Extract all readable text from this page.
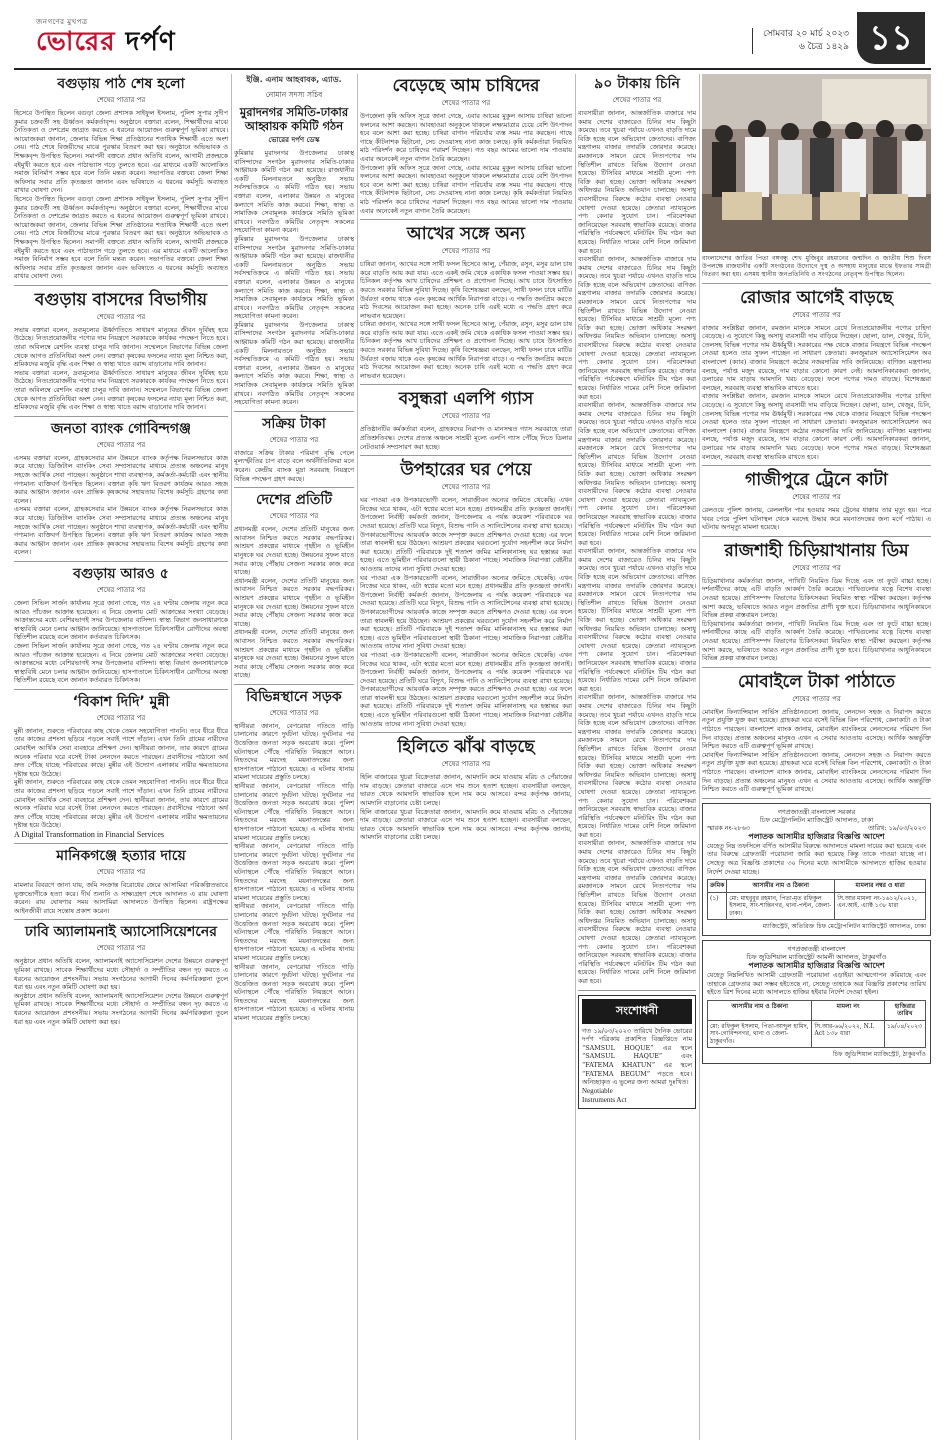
জনগণের মুখপত্র
ভোরের দর্পণ	সোমবার ২০ মার্চ ২০২৩
৬ চৈত্র ১৪২৯ ১১
বগুড়ায় পাঠ শেষ হলো
শেষের পাতার পর

হিসেবে উপস্থিত ছিলেন বগুড়া জেলা প্রশাসক সাইফুল ইসলাম, পুলিশ সুপার সুদীপ কুমার চক্রবর্তী সহ ঊর্ধ্বতন কর্মকর্তাবৃন্দ। অনুষ্ঠানে বক্তারা বলেন, শিক্ষার্থীদের মাঝে নৈতিকতা ও দেশপ্রেম জাগ্রত করতে এ ধরনের আয়োজন গুরুত্বপূর্ণ ভূমিকা রাখবে। আয়োজকরা জানান, জেলার বিভিন্ন শিক্ষা প্রতিষ্ঠানের শতাধিক শিক্ষার্থী এতে অংশ নেয়। পাঠ শেষে বিজয়ীদের মাঝে পুরস্কার বিতরণ করা হয়। অনুষ্ঠানে অভিভাবক ও শিক্ষকবৃন্দ উপস্থিত ছিলেন। সমাপনী বক্তব্যে প্রধান অতিথি বলেন, আগামী প্রজন্মকে বইমুখী করতে হবে এবং পাঠাভ্যাস গড়ে তুলতে হবে। এর মাধ্যমে একটি আলোকিত সমাজ বিনির্মাণ সম্ভব হবে বলে তিনি মন্তব্য করেন। সভাপতির বক্তব্যে জেলা শিক্ষা অফিসার সবার প্রতি কৃতজ্ঞতা জানান এবং ভবিষ্যতে এ ধরনের কর্মসূচি অব্যাহত রাখার ঘোষণা দেন।

হিসেবে উপস্থিত ছিলেন বগুড়া জেলা প্রশাসক সাইফুল ইসলাম, পুলিশ সুপার সুদীপ কুমার চক্রবর্তী সহ ঊর্ধ্বতন কর্মকর্তাবৃন্দ। অনুষ্ঠানে বক্তারা বলেন, শিক্ষার্থীদের মাঝে নৈতিকতা ও দেশপ্রেম জাগ্রত করতে এ ধরনের আয়োজন গুরুত্বপূর্ণ ভূমিকা রাখবে। আয়োজকরা জানান, জেলার বিভিন্ন শিক্ষা প্রতিষ্ঠানের শতাধিক শিক্ষার্থী এতে অংশ নেয়। পাঠ শেষে বিজয়ীদের মাঝে পুরস্কার বিতরণ করা হয়। অনুষ্ঠানে অভিভাবক ও শিক্ষকবৃন্দ উপস্থিত ছিলেন। সমাপনী বক্তব্যে প্রধান অতিথি বলেন, আগামী প্রজন্মকে বইমুখী করতে হবে এবং পাঠাভ্যাস গড়ে তুলতে হবে। এর মাধ্যমে একটি আলোকিত সমাজ বিনির্মাণ সম্ভব হবে বলে তিনি মন্তব্য করেন। সভাপতির বক্তব্যে জেলা শিক্ষা অফিসার সবার প্রতি কৃতজ্ঞতা জানান এবং ভবিষ্যতে এ ধরনের কর্মসূচি অব্যাহত রাখার ঘোষণা দেন।

বগুড়ায় বাসদের বিভাগীয়
শেষের পাতার পর

সভায় বক্তারা বলেন, দ্রব্যমূল্যের ঊর্ধ্বগতিতে সাধারণ মানুষের জীবন দুর্বিষহ হয়ে উঠেছে। নিত্যপ্রয়োজনীয় পণ্যের দাম নিয়ন্ত্রণে সরকারকে কার্যকর পদক্ষেপ নিতে হবে। তারা অবিলম্বে রেশনিং ব্যবস্থা চালুর দাবি জানান। সম্মেলনে বিভাগের বিভিন্ন জেলা থেকে আগত প্রতিনিধিরা অংশ নেন। বক্তারা কৃষকের ফসলের ন্যায্য মূল্য নিশ্চিত করা, শ্রমিকদের মজুরি বৃদ্ধি এবং শিক্ষা ও স্বাস্থ্য খাতে বরাদ্দ বাড়ানোর দাবি জানান।

সভায় বক্তারা বলেন, দ্রব্যমূল্যের ঊর্ধ্বগতিতে সাধারণ মানুষের জীবন দুর্বিষহ হয়ে উঠেছে। নিত্যপ্রয়োজনীয় পণ্যের দাম নিয়ন্ত্রণে সরকারকে কার্যকর পদক্ষেপ নিতে হবে। তারা অবিলম্বে রেশনিং ব্যবস্থা চালুর দাবি জানান। সম্মেলনে বিভাগের বিভিন্ন জেলা থেকে আগত প্রতিনিধিরা অংশ নেন। বক্তারা কৃষকের ফসলের ন্যায্য মূল্য নিশ্চিত করা, শ্রমিকদের মজুরি বৃদ্ধি এবং শিক্ষা ও স্বাস্থ্য খাতে বরাদ্দ বাড়ানোর দাবি জানান।

জনতা ব্যাংক গোবিন্দগঞ্জ
শেষের পাতার পর

এসময় বক্তারা বলেন, গ্রাহকসেবার মান উন্নয়নে ব্যাংক কর্তৃপক্ষ নিরলসভাবে কাজ করে যাচ্ছে। ডিজিটাল ব্যাংকিং সেবা সম্প্রসারণের মাধ্যমে প্রত্যন্ত অঞ্চলের মানুষ সহজে আর্থিক সেবা পাচ্ছেন। অনুষ্ঠানে শাখা ব্যবস্থাপক, কর্মকর্তা-কর্মচারী এবং স্থানীয় গণ্যমান্য ব্যক্তিবর্গ উপস্থিত ছিলেন। বক্তারা কৃষি ঋণ বিতরণ কার্যক্রম আরও সহজ করার আহ্বান জানান এবং প্রান্তিক কৃষকদের সহায়তায় বিশেষ কর্মসূচি গ্রহণের কথা বলেন।

এসময় বক্তারা বলেন, গ্রাহকসেবার মান উন্নয়নে ব্যাংক কর্তৃপক্ষ নিরলসভাবে কাজ করে যাচ্ছে। ডিজিটাল ব্যাংকিং সেবা সম্প্রসারণের মাধ্যমে প্রত্যন্ত অঞ্চলের মানুষ সহজে আর্থিক সেবা পাচ্ছেন। অনুষ্ঠানে শাখা ব্যবস্থাপক, কর্মকর্তা-কর্মচারী এবং স্থানীয় গণ্যমান্য ব্যক্তিবর্গ উপস্থিত ছিলেন। বক্তারা কৃষি ঋণ বিতরণ কার্যক্রম আরও সহজ করার আহ্বান জানান এবং প্রান্তিক কৃষকদের সহায়তায় বিশেষ কর্মসূচি গ্রহণের কথা বলেন।

বগুড়ায় আরও ৫
শেষের পাতার পর

জেলা সিভিল সার্জন কার্যালয় সূত্রে জানা গেছে, গত ২৪ ঘণ্টায় জেলায় নতুন করে আরও পাঁচজন আক্রান্ত হয়েছেন। এ নিয়ে জেলায় মোট আক্রান্তের সংখ্যা বেড়েছে। আক্রান্তদের মধ্যে বেশিরভাগই সদর উপজেলার বাসিন্দা। স্বাস্থ্য বিভাগ জনসাধারণকে স্বাস্থ্যবিধি মেনে চলার আহ্বান জানিয়েছে। হাসপাতালে চিকিৎসাধীন রোগীদের অবস্থা স্থিতিশীল রয়েছে বলে জানান কর্তব্যরত চিকিৎসক।

জেলা সিভিল সার্জন কার্যালয় সূত্রে জানা গেছে, গত ২৪ ঘণ্টায় জেলায় নতুন করে আরও পাঁচজন আক্রান্ত হয়েছেন। এ নিয়ে জেলায় মোট আক্রান্তের সংখ্যা বেড়েছে। আক্রান্তদের মধ্যে বেশিরভাগই সদর উপজেলার বাসিন্দা। স্বাস্থ্য বিভাগ জনসাধারণকে স্বাস্থ্যবিধি মেনে চলার আহ্বান জানিয়েছে। হাসপাতালে চিকিৎসাধীন রোগীদের অবস্থা স্থিতিশীল রয়েছে বলে জানান কর্তব্যরত চিকিৎসক।

‘বিকাশ দিদি’ মুন্নী
শেষের পাতার পর

মুন্নী জানান, শুরুতে পরিবারের কাছ থেকে তেমন সহযোগিতা পাননি। তবে ধীরে ধীরে তার কাজের প্রশংসা ছড়িয়ে পড়লে সবাই পাশে দাঁড়ান। এখন তিনি গ্রামের নারীদের মোবাইল আর্থিক সেবা ব্যবহারে প্রশিক্ষণ দেন। স্থানীয়রা জানান, তার কারণে গ্রামের অনেক পরিবার ঘরে বসেই টাকা লেনদেন করতে পারছেন। প্রবাসীদের পাঠানো অর্থ দ্রুত পৌঁছে যাচ্ছে পরিবারের কাছে। মুন্নীর এই উদ্যোগ এলাকায় নারীর ক্ষমতায়নের দৃষ্টান্ত হয়ে উঠেছে।

মুন্নী জানান, শুরুতে পরিবারের কাছ থেকে তেমন সহযোগিতা পাননি। তবে ধীরে ধীরে তার কাজের প্রশংসা ছড়িয়ে পড়লে সবাই পাশে দাঁড়ান। এখন তিনি গ্রামের নারীদের মোবাইল আর্থিক সেবা ব্যবহারে প্রশিক্ষণ দেন। স্থানীয়রা জানান, তার কারণে গ্রামের অনেক পরিবার ঘরে বসেই টাকা লেনদেন করতে পারছেন। প্রবাসীদের পাঠানো অর্থ দ্রুত পৌঁছে যাচ্ছে পরিবারের কাছে। মুন্নীর এই উদ্যোগ এলাকায় নারীর ক্ষমতায়নের দৃষ্টান্ত হয়ে উঠেছে।

A Digital Transformation in Financial Services

মানিকগঞ্জে হত্যার দায়ে
শেষের পাতার পর

মামলার বিবরণে জানা যায়, জমি সংক্রান্ত বিরোধের জেরে আসামিরা পরিকল্পিতভাবে ভুক্তভোগীকে হত্যা করে। দীর্ঘ শুনানি ও সাক্ষ্যগ্রহণ শেষে আদালত এ রায় ঘোষণা করেন। রায় ঘোষণার সময় আসামিরা আদালতে উপস্থিত ছিলেন। রাষ্ট্রপক্ষের আইনজীবী রায়ে সন্তোষ প্রকাশ করেন।

ঢাবি অ্যালামনাই অ্যাসোসিয়েশনের
শেষের পাতার পর

অনুষ্ঠানে প্রধান অতিথি বলেন, অ্যালামনাই অ্যাসোসিয়েশন দেশের উন্নয়নে গুরুত্বপূর্ণ ভূমিকা রাখছে। সাবেক শিক্ষার্থীদের মধ্যে সৌহার্দ্য ও সম্প্রীতির বন্ধন দৃঢ় করতে এ ধরনের আয়োজন প্রশংসনীয়। সভায় সংগঠনের আগামী দিনের কর্মপরিকল্পনা তুলে ধরা হয় এবং নতুন কমিটি ঘোষণা করা হয়।

অনুষ্ঠানে প্রধান অতিথি বলেন, অ্যালামনাই অ্যাসোসিয়েশন দেশের উন্নয়নে গুরুত্বপূর্ণ ভূমিকা রাখছে। সাবেক শিক্ষার্থীদের মধ্যে সৌহার্দ্য ও সম্প্রীতির বন্ধন দৃঢ় করতে এ ধরনের আয়োজন প্রশংসনীয়। সভায় সংগঠনের আগামী দিনের কর্মপরিকল্পনা তুলে ধরা হয় এবং নতুন কমিটি ঘোষণা করা হয়।

ইঞ্জি. এনাম আহবাবক, এ্যাড.
নোমান সদস্য সচিব
মুরাদনগর সমিতি-ঢাকার আহ্বায়ক কমিটি গঠন
ভোরের দর্পণ ডেস্ক

কুমিল্লার মুরাদনগর উপজেলার ঢাকাস্থ বাসিন্দাদের সংগঠন মুরাদনগর সমিতি-ঢাকার আহ্বায়ক কমিটি গঠন করা হয়েছে। রাজধানীর একটি মিলনায়তনে অনুষ্ঠিত সভায় সর্বসম্মতিক্রমে এ কমিটি গঠিত হয়। সভায় বক্তারা বলেন, এলাকার উন্নয়ন ও মানুষের কল্যাণে সমিতি কাজ করবে। শিক্ষা, স্বাস্থ্য ও সামাজিক সেবামূলক কার্যক্রমে সমিতি ভূমিকা রাখবে। নবগঠিত কমিটির নেতৃবৃন্দ সকলের সহযোগিতা কামনা করেন।

কুমিল্লার মুরাদনগর উপজেলার ঢাকাস্থ বাসিন্দাদের সংগঠন মুরাদনগর সমিতি-ঢাকার আহ্বায়ক কমিটি গঠন করা হয়েছে। রাজধানীর একটি মিলনায়তনে অনুষ্ঠিত সভায় সর্বসম্মতিক্রমে এ কমিটি গঠিত হয়। সভায় বক্তারা বলেন, এলাকার উন্নয়ন ও মানুষের কল্যাণে সমিতি কাজ করবে। শিক্ষা, স্বাস্থ্য ও সামাজিক সেবামূলক কার্যক্রমে সমিতি ভূমিকা রাখবে। নবগঠিত কমিটির নেতৃবৃন্দ সকলের সহযোগিতা কামনা করেন।

কুমিল্লার মুরাদনগর উপজেলার ঢাকাস্থ বাসিন্দাদের সংগঠন মুরাদনগর সমিতি-ঢাকার আহ্বায়ক কমিটি গঠন করা হয়েছে। রাজধানীর একটি মিলনায়তনে অনুষ্ঠিত সভায় সর্বসম্মতিক্রমে এ কমিটি গঠিত হয়। সভায় বক্তারা বলেন, এলাকার উন্নয়ন ও মানুষের কল্যাণে সমিতি কাজ করবে। শিক্ষা, স্বাস্থ্য ও সামাজিক সেবামূলক কার্যক্রমে সমিতি ভূমিকা রাখবে। নবগঠিত কমিটির নেতৃবৃন্দ সকলের সহযোগিতা কামনা করেন।

সক্রিয় টাকা
শেষের পাতার পর

বাজারে সক্রিয় টাকার পরিমাণ বৃদ্ধি পেলে মূল্যস্ফীতির চাপ বাড়ে বলে অর্থনীতিবিদরা মনে করেন। কেন্দ্রীয় ব্যাংক মুদ্রা সরবরাহ নিয়ন্ত্রণে বিভিন্ন পদক্ষেপ গ্রহণ করছে।

দেশের প্রতিটি
শেষের পাতার পর

প্রধানমন্ত্রী বলেন, দেশের প্রতিটি মানুষের জন্য আবাসন নিশ্চিত করতে সরকার বদ্ধপরিকর। আশ্রয়ণ প্রকল্পের মাধ্যমে গৃহহীন ও ভূমিহীন মানুষকে ঘর দেওয়া হচ্ছে। উন্নয়নের সুফল যাতে সবার কাছে পৌঁছায় সেজন্য সরকার কাজ করে যাচ্ছে।

প্রধানমন্ত্রী বলেন, দেশের প্রতিটি মানুষের জন্য আবাসন নিশ্চিত করতে সরকার বদ্ধপরিকর। আশ্রয়ণ প্রকল্পের মাধ্যমে গৃহহীন ও ভূমিহীন মানুষকে ঘর দেওয়া হচ্ছে। উন্নয়নের সুফল যাতে সবার কাছে পৌঁছায় সেজন্য সরকার কাজ করে যাচ্ছে।

প্রধানমন্ত্রী বলেন, দেশের প্রতিটি মানুষের জন্য আবাসন নিশ্চিত করতে সরকার বদ্ধপরিকর। আশ্রয়ণ প্রকল্পের মাধ্যমে গৃহহীন ও ভূমিহীন মানুষকে ঘর দেওয়া হচ্ছে। উন্নয়নের সুফল যাতে সবার কাছে পৌঁছায় সেজন্য সরকার কাজ করে যাচ্ছে।

বিভিন্নস্থানে সড়ক
শেষের পাতার পর

স্থানীয়রা জানান, বেপরোয়া গতিতে গাড়ি চালানোর কারণে দুর্ঘটনা ঘটছে। দুর্ঘটনার পর উত্তেজিত জনতা সড়ক অবরোধ করে। পুলিশ ঘটনাস্থলে পৌঁছে পরিস্থিতি নিয়ন্ত্রণে আনে। নিহতদের মরদেহ ময়নাতদন্তের জন্য হাসপাতালে পাঠানো হয়েছে। এ ঘটনায় থানায় মামলা দায়েরের প্রস্তুতি চলছে।

স্থানীয়রা জানান, বেপরোয়া গতিতে গাড়ি চালানোর কারণে দুর্ঘটনা ঘটছে। দুর্ঘটনার পর উত্তেজিত জনতা সড়ক অবরোধ করে। পুলিশ ঘটনাস্থলে পৌঁছে পরিস্থিতি নিয়ন্ত্রণে আনে। নিহতদের মরদেহ ময়নাতদন্তের জন্য হাসপাতালে পাঠানো হয়েছে। এ ঘটনায় থানায় মামলা দায়েরের প্রস্তুতি চলছে।

স্থানীয়রা জানান, বেপরোয়া গতিতে গাড়ি চালানোর কারণে দুর্ঘটনা ঘটছে। দুর্ঘটনার পর উত্তেজিত জনতা সড়ক অবরোধ করে। পুলিশ ঘটনাস্থলে পৌঁছে পরিস্থিতি নিয়ন্ত্রণে আনে। নিহতদের মরদেহ ময়নাতদন্তের জন্য হাসপাতালে পাঠানো হয়েছে। এ ঘটনায় থানায় মামলা দায়েরের প্রস্তুতি চলছে।

স্থানীয়রা জানান, বেপরোয়া গতিতে গাড়ি চালানোর কারণে দুর্ঘটনা ঘটছে। দুর্ঘটনার পর উত্তেজিত জনতা সড়ক অবরোধ করে। পুলিশ ঘটনাস্থলে পৌঁছে পরিস্থিতি নিয়ন্ত্রণে আনে। নিহতদের মরদেহ ময়নাতদন্তের জন্য হাসপাতালে পাঠানো হয়েছে। এ ঘটনায় থানায় মামলা দায়েরের প্রস্তুতি চলছে।

স্থানীয়রা জানান, বেপরোয়া গতিতে গাড়ি চালানোর কারণে দুর্ঘটনা ঘটছে। দুর্ঘটনার পর উত্তেজিত জনতা সড়ক অবরোধ করে। পুলিশ ঘটনাস্থলে পৌঁছে পরিস্থিতি নিয়ন্ত্রণে আনে। নিহতদের মরদেহ ময়নাতদন্তের জন্য হাসপাতালে পাঠানো হয়েছে। এ ঘটনায় থানায় মামলা দায়েরের প্রস্তুতি চলছে।

বেড়েছে আম চাষিদের
শেষের পাতার পর

উপজেলা কৃষি অফিস সূত্রে জানা গেছে, এবার আমের মুকুল আসায় চাষিরা ভালো ফলনের আশা করছেন। আবহাওয়া অনুকূলে থাকলে লক্ষ্যমাত্রার চেয়ে বেশি উৎপাদন হবে বলে আশা করা হচ্ছে। চাষিরা বাগান পরিচর্যায় ব্যস্ত সময় পার করছেন। গাছে গাছে কীটনাশক ছিটানো, সেচ দেওয়াসহ নানা কাজ চলছে। কৃষি কর্মকর্তারা নিয়মিত মাঠ পরিদর্শন করে চাষিদের পরামর্শ দিচ্ছেন। গত বছর আমের ভালো দাম পাওয়ায় এবার অনেকেই নতুন বাগান তৈরি করেছেন।

উপজেলা কৃষি অফিস সূত্রে জানা গেছে, এবার আমের মুকুল আসায় চাষিরা ভালো ফলনের আশা করছেন। আবহাওয়া অনুকূলে থাকলে লক্ষ্যমাত্রার চেয়ে বেশি উৎপাদন হবে বলে আশা করা হচ্ছে। চাষিরা বাগান পরিচর্যায় ব্যস্ত সময় পার করছেন। গাছে গাছে কীটনাশক ছিটানো, সেচ দেওয়াসহ নানা কাজ চলছে। কৃষি কর্মকর্তারা নিয়মিত মাঠ পরিদর্শন করে চাষিদের পরামর্শ দিচ্ছেন। গত বছর আমের ভালো দাম পাওয়ায় এবার অনেকেই নতুন বাগান তৈরি করেছেন।

আখের সঙ্গে অন্য
শেষের পাতার পর

চাষিরা জানান, আখের সঙ্গে সাথী ফসল হিসেবে আলু, পেঁয়াজ, রসুন, মসুর ডাল চাষ করে বাড়তি আয় করা যায়। এতে একই জমি থেকে একাধিক ফসল পাওয়া সম্ভব হয়। চিনিকল কর্তৃপক্ষ আখ চাষিদের প্রশিক্ষণ ও প্রণোদনা দিচ্ছে। আখ চাষে উৎসাহিত করতে সরকার বিভিন্ন সুবিধা দিচ্ছে। কৃষি বিশেষজ্ঞরা বলছেন, সাথী ফসল চাষে মাটির উর্বরতা বজায় থাকে এবং কৃষকের আর্থিক নিরাপত্তা বাড়ে। এ পদ্ধতি জনপ্রিয় করতে মাঠ দিবসের আয়োজন করা হচ্ছে। অনেক চাষি এরই মধ্যে এ পদ্ধতি গ্রহণ করে লাভবান হয়েছেন।

চাষিরা জানান, আখের সঙ্গে সাথী ফসল হিসেবে আলু, পেঁয়াজ, রসুন, মসুর ডাল চাষ করে বাড়তি আয় করা যায়। এতে একই জমি থেকে একাধিক ফসল পাওয়া সম্ভব হয়। চিনিকল কর্তৃপক্ষ আখ চাষিদের প্রশিক্ষণ ও প্রণোদনা দিচ্ছে। আখ চাষে উৎসাহিত করতে সরকার বিভিন্ন সুবিধা দিচ্ছে। কৃষি বিশেষজ্ঞরা বলছেন, সাথী ফসল চাষে মাটির উর্বরতা বজায় থাকে এবং কৃষকের আর্থিক নিরাপত্তা বাড়ে। এ পদ্ধতি জনপ্রিয় করতে মাঠ দিবসের আয়োজন করা হচ্ছে। অনেক চাষি এরই মধ্যে এ পদ্ধতি গ্রহণ করে লাভবান হয়েছেন।

বসুন্ধরা এলপি গ্যাস
শেষের পাতার পর

প্রতিষ্ঠানটির কর্মকর্তারা বলেন, গ্রাহকদের নিরাপদ ও মানসম্মত গ্যাস সরবরাহে তারা প্রতিশ্রুতিবদ্ধ। দেশের প্রত্যন্ত অঞ্চলে সাশ্রয়ী মূল্যে এলপি গ্যাস পৌঁছে দিতে ডিলার নেটওয়ার্ক সম্প্রসারণ করা হচ্ছে।

উপহারের ঘর পেয়ে
শেষের পাতার পর

ঘর পাওয়া এক উপকারভোগী বলেন, সারাজীবন অন্যের জমিতে থেকেছি। এখন নিজের ঘরে থাকব, এটা স্বপ্নের মতো মনে হচ্ছে। প্রধানমন্ত্রীর প্রতি কৃতজ্ঞতা জানাই। উপজেলা নির্বাহী কর্মকর্তা জানান, উপজেলায় এ পর্যন্ত কয়েকশ পরিবারকে ঘর দেওয়া হয়েছে। প্রতিটি ঘরে বিদ্যুৎ, বিশুদ্ধ পানি ও স্যানিটেশনের ব্যবস্থা রাখা হয়েছে। উপকারভোগীদের আয়বর্ধক কাজে সম্পৃক্ত করতে প্রশিক্ষণও দেওয়া হচ্ছে। এর ফলে তারা স্বাবলম্বী হয়ে উঠছেন। আশ্রয়ণ প্রকল্পের ঘরগুলো দুর্যোগ সহনশীল করে নির্মাণ করা হয়েছে। প্রতিটি পরিবারকে দুই শতাংশ জমির মালিকানাসহ ঘর হস্তান্তর করা হচ্ছে। এতে ভূমিহীন পরিবারগুলো স্থায়ী ঠিকানা পাচ্ছে। সামাজিক নিরাপত্তা বেষ্টনীর আওতায় তাদের নানা সুবিধা দেওয়া হচ্ছে।

ঘর পাওয়া এক উপকারভোগী বলেন, সারাজীবন অন্যের জমিতে থেকেছি। এখন নিজের ঘরে থাকব, এটা স্বপ্নের মতো মনে হচ্ছে। প্রধানমন্ত্রীর প্রতি কৃতজ্ঞতা জানাই। উপজেলা নির্বাহী কর্মকর্তা জানান, উপজেলায় এ পর্যন্ত কয়েকশ পরিবারকে ঘর দেওয়া হয়েছে। প্রতিটি ঘরে বিদ্যুৎ, বিশুদ্ধ পানি ও স্যানিটেশনের ব্যবস্থা রাখা হয়েছে। উপকারভোগীদের আয়বর্ধক কাজে সম্পৃক্ত করতে প্রশিক্ষণও দেওয়া হচ্ছে। এর ফলে তারা স্বাবলম্বী হয়ে উঠছেন। আশ্রয়ণ প্রকল্পের ঘরগুলো দুর্যোগ সহনশীল করে নির্মাণ করা হয়েছে। প্রতিটি পরিবারকে দুই শতাংশ জমির মালিকানাসহ ঘর হস্তান্তর করা হচ্ছে। এতে ভূমিহীন পরিবারগুলো স্থায়ী ঠিকানা পাচ্ছে। সামাজিক নিরাপত্তা বেষ্টনীর আওতায় তাদের নানা সুবিধা দেওয়া হচ্ছে।

ঘর পাওয়া এক উপকারভোগী বলেন, সারাজীবন অন্যের জমিতে থেকেছি। এখন নিজের ঘরে থাকব, এটা স্বপ্নের মতো মনে হচ্ছে। প্রধানমন্ত্রীর প্রতি কৃতজ্ঞতা জানাই। উপজেলা নির্বাহী কর্মকর্তা জানান, উপজেলায় এ পর্যন্ত কয়েকশ পরিবারকে ঘর দেওয়া হয়েছে। প্রতিটি ঘরে বিদ্যুৎ, বিশুদ্ধ পানি ও স্যানিটেশনের ব্যবস্থা রাখা হয়েছে। উপকারভোগীদের আয়বর্ধক কাজে সম্পৃক্ত করতে প্রশিক্ষণও দেওয়া হচ্ছে। এর ফলে তারা স্বাবলম্বী হয়ে উঠছেন। আশ্রয়ণ প্রকল্পের ঘরগুলো দুর্যোগ সহনশীল করে নির্মাণ করা হয়েছে। প্রতিটি পরিবারকে দুই শতাংশ জমির মালিকানাসহ ঘর হস্তান্তর করা হচ্ছে। এতে ভূমিহীন পরিবারগুলো স্থায়ী ঠিকানা পাচ্ছে। সামাজিক নিরাপত্তা বেষ্টনীর আওতায় তাদের নানা সুবিধা দেওয়া হচ্ছে।

হিলিতে ঝাঁঝ বাড়ছে
শেষের পাতার পর

হিলি বাজারের খুচরা বিক্রেতারা জানান, আমদানি কমে যাওয়ায় মরিচ ও পেঁয়াজের দাম বাড়ছে। ক্রেতারা বাজারে এসে দাম শুনে হতাশ হচ্ছেন। ব্যবসায়ীরা বলছেন, ভারত থেকে আমদানি স্বাভাবিক হলে দাম কমে আসবে। বন্দর কর্তৃপক্ষ জানায়, আমদানি বাড়ানোর চেষ্টা চলছে।

হিলি বাজারের খুচরা বিক্রেতারা জানান, আমদানি কমে যাওয়ায় মরিচ ও পেঁয়াজের দাম বাড়ছে। ক্রেতারা বাজারে এসে দাম শুনে হতাশ হচ্ছেন। ব্যবসায়ীরা বলছেন, ভারত থেকে আমদানি স্বাভাবিক হলে দাম কমে আসবে। বন্দর কর্তৃপক্ষ জানায়, আমদানি বাড়ানোর চেষ্টা চলছে।

৯০ টাকায় চিনি
শেষের পাতার পর

ব্যবসায়ীরা জানান, আন্তর্জাতিক বাজারে দাম কমায় দেশের বাজারেও চিনির দাম কিছুটা কমেছে। তবে খুচরা পর্যায়ে এখনও বাড়তি দামে বিক্রি হচ্ছে বলে অভিযোগ ক্রেতাদের। বাণিজ্য মন্ত্রণালয় বাজার তদারকি জোরদার করেছে। রমজানকে সামনে রেখে নিত্যপণ্যের দাম স্থিতিশীল রাখতে বিভিন্ন উদ্যোগ নেওয়া হয়েছে। টিসিবির মাধ্যমে সাশ্রয়ী মূল্যে পণ্য বিক্রি করা হচ্ছে। ভোক্তা অধিকার সংরক্ষণ অধিদপ্তর নিয়মিত অভিযান চালাচ্ছে। অসাধু ব্যবসায়ীদের বিরুদ্ধে কঠোর ব্যবস্থা নেওয়ার ঘোষণা দেওয়া হয়েছে। ক্রেতারা ন্যায্যমূল্যে পণ্য কেনার সুযোগ চান। পরিবেশকরা জানিয়েছেন সরবরাহ স্বাভাবিক রয়েছে। বাজার পরিস্থিতি পর্যবেক্ষণে মনিটরিং টিম গঠন করা হয়েছে। নির্ধারিত দামের বেশি নিলে জরিমানা করা হবে।

ব্যবসায়ীরা জানান, আন্তর্জাতিক বাজারে দাম কমায় দেশের বাজারেও চিনির দাম কিছুটা কমেছে। তবে খুচরা পর্যায়ে এখনও বাড়তি দামে বিক্রি হচ্ছে বলে অভিযোগ ক্রেতাদের। বাণিজ্য মন্ত্রণালয় বাজার তদারকি জোরদার করেছে। রমজানকে সামনে রেখে নিত্যপণ্যের দাম স্থিতিশীল রাখতে বিভিন্ন উদ্যোগ নেওয়া হয়েছে। টিসিবির মাধ্যমে সাশ্রয়ী মূল্যে পণ্য বিক্রি করা হচ্ছে। ভোক্তা অধিকার সংরক্ষণ অধিদপ্তর নিয়মিত অভিযান চালাচ্ছে। অসাধু ব্যবসায়ীদের বিরুদ্ধে কঠোর ব্যবস্থা নেওয়ার ঘোষণা দেওয়া হয়েছে। ক্রেতারা ন্যায্যমূল্যে পণ্য কেনার সুযোগ চান। পরিবেশকরা জানিয়েছেন সরবরাহ স্বাভাবিক রয়েছে। বাজার পরিস্থিতি পর্যবেক্ষণে মনিটরিং টিম গঠন করা হয়েছে। নির্ধারিত দামের বেশি নিলে জরিমানা করা হবে।

ব্যবসায়ীরা জানান, আন্তর্জাতিক বাজারে দাম কমায় দেশের বাজারেও চিনির দাম কিছুটা কমেছে। তবে খুচরা পর্যায়ে এখনও বাড়তি দামে বিক্রি হচ্ছে বলে অভিযোগ ক্রেতাদের। বাণিজ্য মন্ত্রণালয় বাজার তদারকি জোরদার করেছে। রমজানকে সামনে রেখে নিত্যপণ্যের দাম স্থিতিশীল রাখতে বিভিন্ন উদ্যোগ নেওয়া হয়েছে। টিসিবির মাধ্যমে সাশ্রয়ী মূল্যে পণ্য বিক্রি করা হচ্ছে। ভোক্তা অধিকার সংরক্ষণ অধিদপ্তর নিয়মিত অভিযান চালাচ্ছে। অসাধু ব্যবসায়ীদের বিরুদ্ধে কঠোর ব্যবস্থা নেওয়ার ঘোষণা দেওয়া হয়েছে। ক্রেতারা ন্যায্যমূল্যে পণ্য কেনার সুযোগ চান। পরিবেশকরা জানিয়েছেন সরবরাহ স্বাভাবিক রয়েছে। বাজার পরিস্থিতি পর্যবেক্ষণে মনিটরিং টিম গঠন করা হয়েছে। নির্ধারিত দামের বেশি নিলে জরিমানা করা হবে।

ব্যবসায়ীরা জানান, আন্তর্জাতিক বাজারে দাম কমায় দেশের বাজারেও চিনির দাম কিছুটা কমেছে। তবে খুচরা পর্যায়ে এখনও বাড়তি দামে বিক্রি হচ্ছে বলে অভিযোগ ক্রেতাদের। বাণিজ্য মন্ত্রণালয় বাজার তদারকি জোরদার করেছে। রমজানকে সামনে রেখে নিত্যপণ্যের দাম স্থিতিশীল রাখতে বিভিন্ন উদ্যোগ নেওয়া হয়েছে। টিসিবির মাধ্যমে সাশ্রয়ী মূল্যে পণ্য বিক্রি করা হচ্ছে। ভোক্তা অধিকার সংরক্ষণ অধিদপ্তর নিয়মিত অভিযান চালাচ্ছে। অসাধু ব্যবসায়ীদের বিরুদ্ধে কঠোর ব্যবস্থা নেওয়ার ঘোষণা দেওয়া হয়েছে। ক্রেতারা ন্যায্যমূল্যে পণ্য কেনার সুযোগ চান। পরিবেশকরা জানিয়েছেন সরবরাহ স্বাভাবিক রয়েছে। বাজার পরিস্থিতি পর্যবেক্ষণে মনিটরিং টিম গঠন করা হয়েছে। নির্ধারিত দামের বেশি নিলে জরিমানা করা হবে।

ব্যবসায়ীরা জানান, আন্তর্জাতিক বাজারে দাম কমায় দেশের বাজারেও চিনির দাম কিছুটা কমেছে। তবে খুচরা পর্যায়ে এখনও বাড়তি দামে বিক্রি হচ্ছে বলে অভিযোগ ক্রেতাদের। বাণিজ্য মন্ত্রণালয় বাজার তদারকি জোরদার করেছে। রমজানকে সামনে রেখে নিত্যপণ্যের দাম স্থিতিশীল রাখতে বিভিন্ন উদ্যোগ নেওয়া হয়েছে। টিসিবির মাধ্যমে সাশ্রয়ী মূল্যে পণ্য বিক্রি করা হচ্ছে। ভোক্তা অধিকার সংরক্ষণ অধিদপ্তর নিয়মিত অভিযান চালাচ্ছে। অসাধু ব্যবসায়ীদের বিরুদ্ধে কঠোর ব্যবস্থা নেওয়ার ঘোষণা দেওয়া হয়েছে। ক্রেতারা ন্যায্যমূল্যে পণ্য কেনার সুযোগ চান। পরিবেশকরা জানিয়েছেন সরবরাহ স্বাভাবিক রয়েছে। বাজার পরিস্থিতি পর্যবেক্ষণে মনিটরিং টিম গঠন করা হয়েছে। নির্ধারিত দামের বেশি নিলে জরিমানা করা হবে।

ব্যবসায়ীরা জানান, আন্তর্জাতিক বাজারে দাম কমায় দেশের বাজারেও চিনির দাম কিছুটা কমেছে। তবে খুচরা পর্যায়ে এখনও বাড়তি দামে বিক্রি হচ্ছে বলে অভিযোগ ক্রেতাদের। বাণিজ্য মন্ত্রণালয় বাজার তদারকি জোরদার করেছে। রমজানকে সামনে রেখে নিত্যপণ্যের দাম স্থিতিশীল রাখতে বিভিন্ন উদ্যোগ নেওয়া হয়েছে। টিসিবির মাধ্যমে সাশ্রয়ী মূল্যে পণ্য বিক্রি করা হচ্ছে। ভোক্তা অধিকার সংরক্ষণ অধিদপ্তর নিয়মিত অভিযান চালাচ্ছে। অসাধু ব্যবসায়ীদের বিরুদ্ধে কঠোর ব্যবস্থা নেওয়ার ঘোষণা দেওয়া হয়েছে। ক্রেতারা ন্যায্যমূল্যে পণ্য কেনার সুযোগ চান। পরিবেশকরা জানিয়েছেন সরবরাহ স্বাভাবিক রয়েছে। বাজার পরিস্থিতি পর্যবেক্ষণে মনিটরিং টিম গঠন করা হয়েছে। নির্ধারিত দামের বেশি নিলে জরিমানা করা হবে।

সংশোধনী

গত ১৯/০৩/২০২৩ তারিখে দৈনিক ভোরের দর্পণ পত্রিকায় প্রকাশিত বিজ্ঞপ্তিতে নাম “SAMSUL HOQUE” এর স্থলে “SAMSUL HAQUE” এবং “FATEMA KHATUN” এর স্থলে “FATEMA BEGUM” পড়তে হবে। অনিচ্ছাকৃত এ ভুলের জন্য আমরা দুঃখিত।

Negotiable

Instruments Act

বাংলাদেশের জাতির পিতা বঙ্গবন্ধু শেখ মুজিবুর রহমানের জন্মদিন ও জাতীয় শিশু দিবস উপলক্ষে রাজধানীর একটি সংগঠনের উদ্যোগে দুস্থ ও অসহায় মানুষের মাঝে ইফতার সামগ্রী বিতরণ করা হয়। এসময় স্থানীয় জনপ্রতিনিধি ও সংগঠনের নেতৃবৃন্দ উপস্থিত ছিলেন।

রোজার আগেই বাড়ছে
শেষের পাতার পর

বাজার সংশ্লিষ্টরা জানান, রমজান মাসকে সামনে রেখে নিত্যপ্রয়োজনীয় পণ্যের চাহিদা বেড়েছে। এ সুযোগে কিছু অসাধু ব্যবসায়ী দাম বাড়িয়ে দিচ্ছেন। ছোলা, ডাল, খেজুর, চিনি, তেলসহ বিভিন্ন পণ্যের দাম ঊর্ধ্বমুখী। সরকারের পক্ষ থেকে বাজার নিয়ন্ত্রণে বিভিন্ন পদক্ষেপ নেওয়া হলেও তার সুফল পাচ্ছেন না সাধারণ ক্রেতারা। কনজুমারস অ্যাসোসিয়েশন অব বাংলাদেশ (ক্যাব) বাজার নিয়ন্ত্রণে কঠোর নজরদারির দাবি জানিয়েছে। বাণিজ্য মন্ত্রণালয় বলছে, পর্যাপ্ত মজুদ রয়েছে, দাম বাড়ার কোনো কারণ নেই। আমদানিকারকরা জানান, ডলারের দাম বাড়ায় আমদানি খরচ বেড়েছে। ফলে পণ্যের দামও বাড়ছে। বিশেষজ্ঞরা বলছেন, সরবরাহ ব্যবস্থা স্বাভাবিক রাখতে হবে।

বাজার সংশ্লিষ্টরা জানান, রমজান মাসকে সামনে রেখে নিত্যপ্রয়োজনীয় পণ্যের চাহিদা বেড়েছে। এ সুযোগে কিছু অসাধু ব্যবসায়ী দাম বাড়িয়ে দিচ্ছেন। ছোলা, ডাল, খেজুর, চিনি, তেলসহ বিভিন্ন পণ্যের দাম ঊর্ধ্বমুখী। সরকারের পক্ষ থেকে বাজার নিয়ন্ত্রণে বিভিন্ন পদক্ষেপ নেওয়া হলেও তার সুফল পাচ্ছেন না সাধারণ ক্রেতারা। কনজুমারস অ্যাসোসিয়েশন অব বাংলাদেশ (ক্যাব) বাজার নিয়ন্ত্রণে কঠোর নজরদারির দাবি জানিয়েছে। বাণিজ্য মন্ত্রণালয় বলছে, পর্যাপ্ত মজুদ রয়েছে, দাম বাড়ার কোনো কারণ নেই। আমদানিকারকরা জানান, ডলারের দাম বাড়ায় আমদানি খরচ বেড়েছে। ফলে পণ্যের দামও বাড়ছে। বিশেষজ্ঞরা বলছেন, সরবরাহ ব্যবস্থা স্বাভাবিক রাখতে হবে।

গাজীপুরে ট্রেনে কাটা
শেষের পাতার পর

রেলওয়ে পুলিশ জানায়, রেললাইন পার হওয়ার সময় ট্রেনের ধাক্কায় তার মৃত্যু হয়। পরে খবর পেয়ে পুলিশ ঘটনাস্থল থেকে মরদেহ উদ্ধার করে ময়নাতদন্তের জন্য মর্গে পাঠায়। এ ঘটনায় অপমৃত্যু মামলা হয়েছে।

রাজশাহী চিড়িয়াখানায় ডিম
শেষের পাতার পর

চিড়িয়াখানার কর্মকর্তারা জানান, পাখিটি নিয়মিত ডিম দিচ্ছে এবং তা ফুটে বাচ্চা হচ্ছে। দর্শনার্থীদের কাছে এটি বাড়তি আকর্ষণ তৈরি করেছে। পাখিগুলোর যত্নে বিশেষ ব্যবস্থা নেওয়া হয়েছে। প্রাণিসম্পদ বিভাগের চিকিৎসকরা নিয়মিত স্বাস্থ্য পরীক্ষা করছেন। কর্তৃপক্ষ আশা করছে, ভবিষ্যতে আরও নতুন প্রজাতির প্রাণী যুক্ত হবে। চিড়িয়াখানার আধুনিকায়নে বিভিন্ন প্রকল্প বাস্তবায়ন চলছে।

চিড়িয়াখানার কর্মকর্তারা জানান, পাখিটি নিয়মিত ডিম দিচ্ছে এবং তা ফুটে বাচ্চা হচ্ছে। দর্শনার্থীদের কাছে এটি বাড়তি আকর্ষণ তৈরি করেছে। পাখিগুলোর যত্নে বিশেষ ব্যবস্থা নেওয়া হয়েছে। প্রাণিসম্পদ বিভাগের চিকিৎসকরা নিয়মিত স্বাস্থ্য পরীক্ষা করছেন। কর্তৃপক্ষ আশা করছে, ভবিষ্যতে আরও নতুন প্রজাতির প্রাণী যুক্ত হবে। চিড়িয়াখানার আধুনিকায়নে বিভিন্ন প্রকল্প বাস্তবায়ন চলছে।

মোবাইলে টাকা পাঠাতে
শেষের পাতার পর

মোবাইল ফিন্যান্সিয়াল সার্ভিস প্রতিষ্ঠানগুলো জানায়, লেনদেন সহজ ও নিরাপদ করতে নতুন প্রযুক্তি যুক্ত করা হয়েছে। গ্রাহকরা ঘরে বসেই বিভিন্ন বিল পরিশোধ, কেনাকাটা ও টাকা পাঠাতে পারছেন। বাংলাদেশ ব্যাংক জানায়, মোবাইল ব্যাংকিংয়ে লেনদেনের পরিমাণ দিন দিন বাড়ছে। প্রত্যন্ত অঞ্চলের মানুষও এখন এ সেবার আওতায় এসেছে। আর্থিক অন্তর্ভুক্তি নিশ্চিত করতে এটি গুরুত্বপূর্ণ ভূমিকা রাখছে।

মোবাইল ফিন্যান্সিয়াল সার্ভিস প্রতিষ্ঠানগুলো জানায়, লেনদেন সহজ ও নিরাপদ করতে নতুন প্রযুক্তি যুক্ত করা হয়েছে। গ্রাহকরা ঘরে বসেই বিভিন্ন বিল পরিশোধ, কেনাকাটা ও টাকা পাঠাতে পারছেন। বাংলাদেশ ব্যাংক জানায়, মোবাইল ব্যাংকিংয়ে লেনদেনের পরিমাণ দিন দিন বাড়ছে। প্রত্যন্ত অঞ্চলের মানুষও এখন এ সেবার আওতায় এসেছে। আর্থিক অন্তর্ভুক্তি নিশ্চিত করতে এটি গুরুত্বপূর্ণ ভূমিকা রাখছে।

গণপ্রজাতন্ত্রী বাংলাদেশ সরকার
চিফ মেট্রোপলিটন ম্যাজিস্ট্রেট আদালত, ঢাকা
স্মারক নং-২৮৬৩	তারিখ: ১৯/০৩/২০২৩
পলাতক আসামীর হাজিরার বিজ্ঞপ্তি আদেশ

যেহেতু নিম্ন তফসিলে বর্ণিত আসামীর বিরুদ্ধে আদালতে মামলা দায়ের করা হয়েছে এবং তার বিরুদ্ধে গ্রেফতারী পরোয়ানা জারি করা হয়েছে কিন্তু তাকে পাওয়া যাচ্ছে না। সেহেতু অত্র বিজ্ঞপ্তি প্রকাশের ৩০ দিনের মধ্যে আসামীকে আদালতে হাজির হওয়ার নির্দেশ দেওয়া যাচ্ছে।

ক্রমিক	আসামীর নাম ও ঠিকানা	মামলার নম্বর ও ধারা
(১)	মো: মাহবুবুর রহমান, পিতা-মৃত রফিকুল ইসলাম, সাং-শান্তিনগর, থানা-পল্টন, জেলা-ঢাকা।	সি.আর মামলা নং-১৬১২/২০২১, এন.আই. এ্যাক্ট ১৩৮ ধারা
ম্যাজিস্ট্রেট, অতিরিক্ত চিফ মেট্রোপলিটন ম্যাজিস্ট্রেট আদালত, ঢাকা
গণপ্রজাতন্ত্রী বাংলাদেশ
চিফ জুডিশিয়াল ম্যাজিস্ট্রেট আমলী আদালত, ঠাকুরগাঁও
পলাতক আসামীর হাজিরার বিজ্ঞপ্তি আদেশ

যেহেতু নিম্নলিখিত আসামী গ্রেফতারী পরোয়ানা এড়াইয়া আত্মগোপন করিয়াছে এবং তাহাকে গ্রেফতার করা সম্ভব হইতেছে না, সেহেতু তাহাকে অত্র বিজ্ঞপ্তি প্রকাশের তারিখ হইতে ত্রিশ দিনের মধ্যে আদালতে হাজির হইবার নির্দেশ দেওয়া হইল।

আসামীর নাম ও ঠিকানা	মামলা নং	হাজিরার তারিখ
মো: রফিকুল ইসলাম, পিতা-আব্দুল হামিদ, সাং-গোবিন্দনগর, থানা ও জেলা-ঠাকুরগাঁও।	সি.আর-৬৬/২০২২, N.I. Act ১৩৮ ধারা	১৯/০৪/২০২৩
চিফ জুডিশিয়াল ম্যাজিস্ট্রেট, ঠাকুরগাঁও
